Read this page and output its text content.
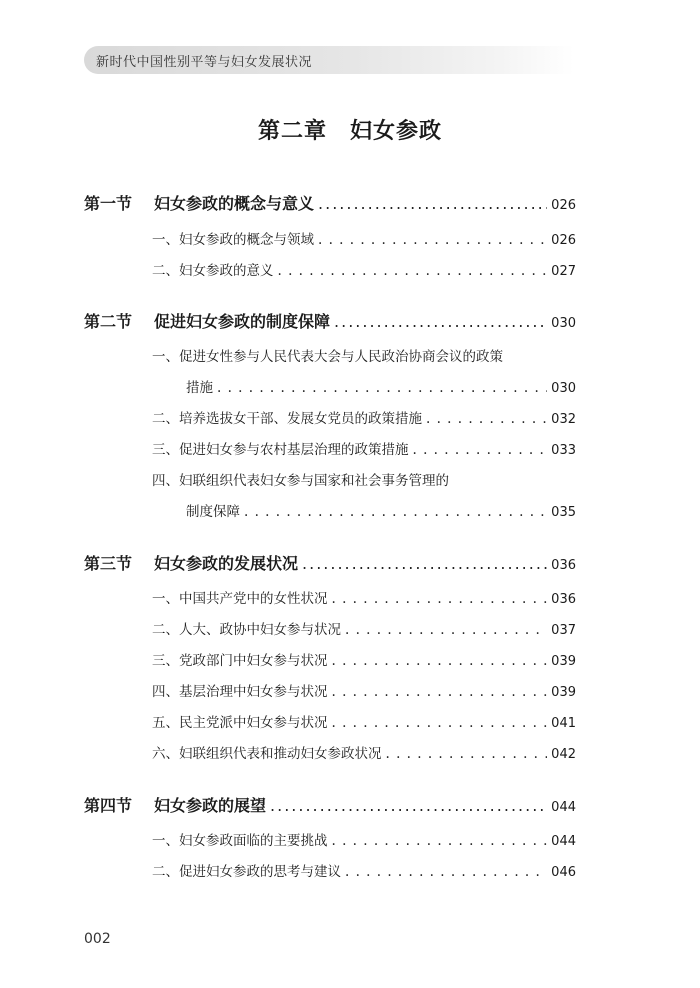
新时代中国性别平等与妇女发展状况
第二章　妇女参政
第一节	妇女参政的概念与意义 .....	026
一、妇女参政的概念与领域 . . .	026
二、妇女参政的意义 . . .	027
第二节	促进妇女参政的制度保障 .....	030
一、促进女性参与人民代表大会与人民政治协商会议的政策
措施 . . .	030
二、培养选拔女干部、发展女党员的政策措施 . . .	032
三、促进妇女参与农村基层治理的政策措施 . . .	033
四、妇联组织代表妇女参与国家和社会事务管理的
制度保障 . . .	035
第三节	妇女参政的发展状况 .....	036
一、中国共产党中的女性状况 . . .	036
二、人大、政协中妇女参与状况 . . .	037
三、党政部门中妇女参与状况 . . .	039
四、基层治理中妇女参与状况 . . .	039
五、民主党派中妇女参与状况 . . .	041
六、妇联组织代表和推动妇女参政状况 . . .	042
第四节	妇女参政的展望 .....	044
一、妇女参政面临的主要挑战 . . .	044
二、促进妇女参政的思考与建议 . . .	046
002
